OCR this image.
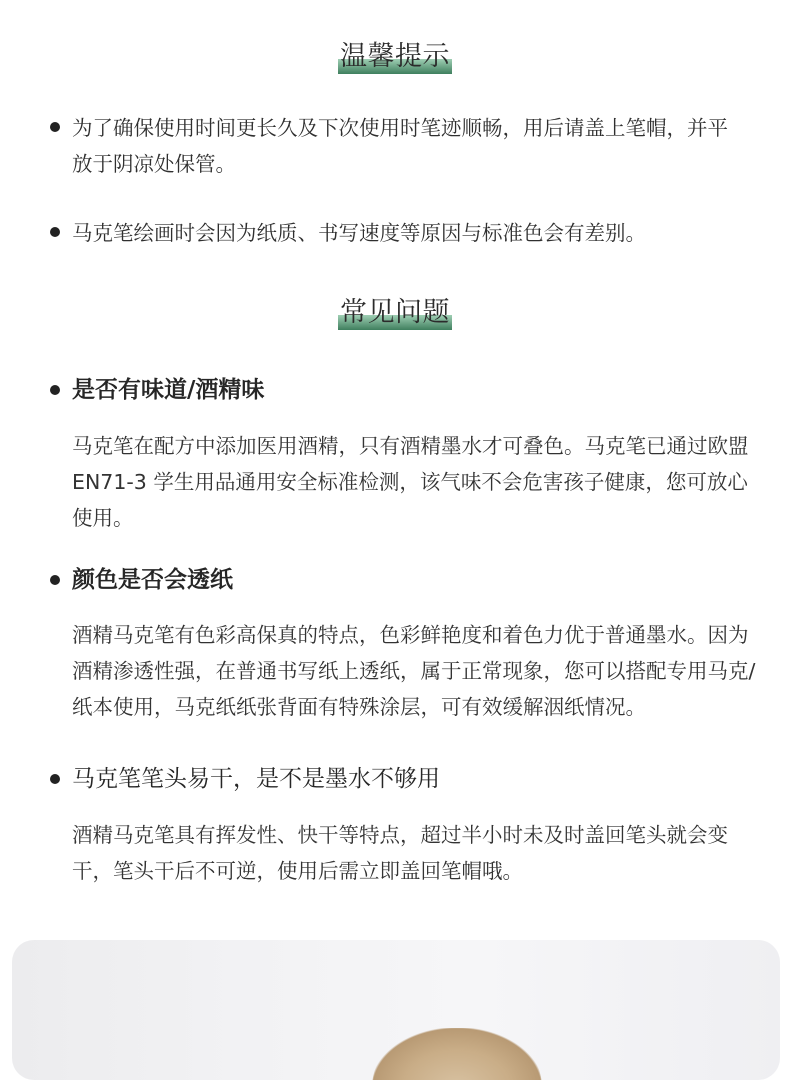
温馨提示
为了确保使用时间更长久及下次使用时笔迹顺畅，用后请盖上笔帽，并平放于阴凉处保管。
马克笔绘画时会因为纸质、书写速度等原因与标准色会有差别。
常见问题
是否有味道/酒精味
马克笔在配方中添加医用酒精，只有酒精墨水才可叠色。马克笔已通过欧盟EN71-3 学生用品通用安全标准检测，该气味不会危害孩子健康，您可放心使用。
颜色是否会透纸
酒精马克笔有色彩高保真的特点，色彩鲜艳度和着色力优于普通墨水。因为酒精渗透性强，在普通书写纸上透纸，属于正常现象，您可以搭配专用马克/纸本使用，马克纸纸张背面有特殊涂层，可有效缓解洇纸情况。
马克笔笔头易干，是不是墨水不够用
酒精马克笔具有挥发性、快干等特点，超过半小时未及时盖回笔头就会变干，笔头干后不可逆，使用后需立即盖回笔帽哦。
